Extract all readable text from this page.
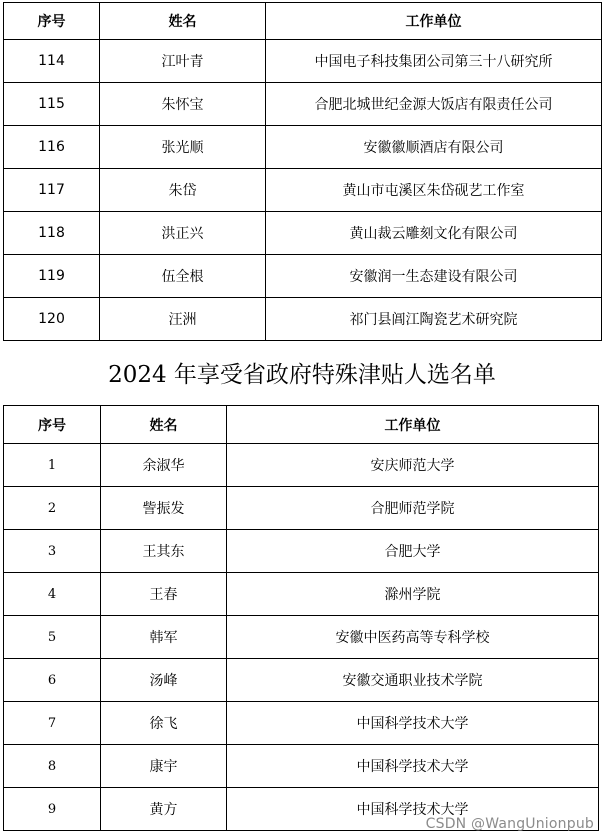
序号	姓名	工作单位
114	江叶青	中国电子科技集团公司第三十八研究所
115	朱怀宝	合肥北城世纪金源大饭店有限责任公司
116	张光顺	安徽徽顺酒店有限公司
117	朱岱	黄山市屯溪区朱岱砚艺工作室
118	洪正兴	黄山裁云雕刻文化有限公司
119	伍全根	安徽润一生态建设有限公司
120	汪洲	祁门县阊江陶瓷艺术研究院
2024 年享受省政府特殊津贴人选名单
序号	姓名	工作单位
1	余淑华	安庆师范大学
2	訾振发	合肥师范学院
3	王其东	合肥大学
4	王春	滁州学院
5	韩军	安徽中医药高等专科学校
6	汤峰	安徽交通职业技术学院
7	徐飞	中国科学技术大学
8	康宇	中国科学技术大学
9	黄方	中国科学技术大学
CSDN @WangUnionpub
